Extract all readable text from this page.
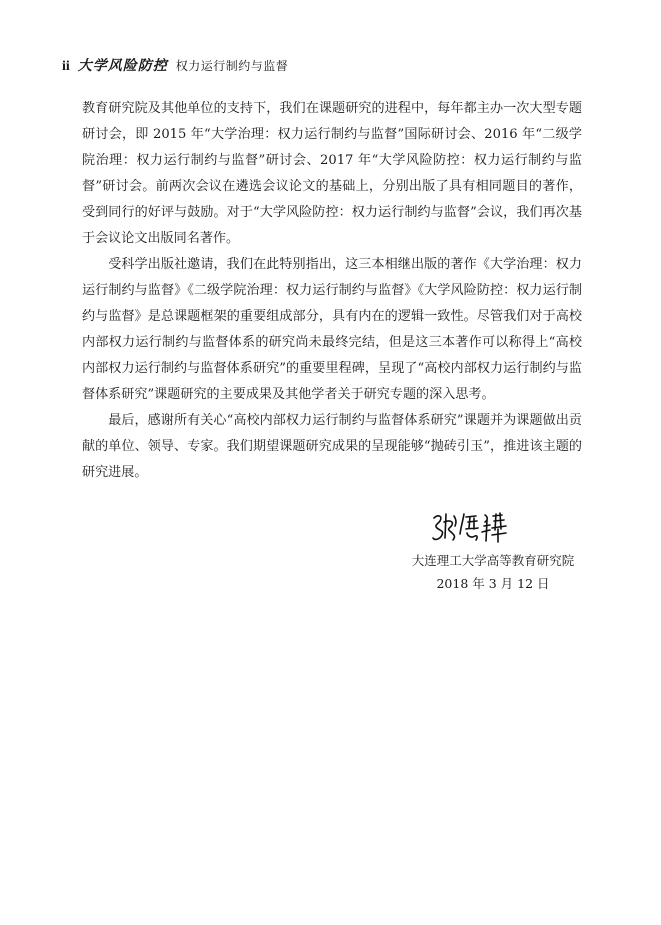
ii 大学风险防控 权力运行制约与监督

教育研究院及其他单位的支持下，我们在课题研究的进程中，每年都主办一次大型专题研讨会，即 2015 年“大学治理：权力运行制约与监督”国际研讨会、2016 年“二级学院治理：权力运行制约与监督”研讨会、2017 年“大学风险防控：权力运行制约与监督”研讨会。前两次会议在遴选会议论文的基础上，分别出版了具有相同题目的著作，受到同行的好评与鼓励。对于“大学风险防控：权力运行制约与监督”会议，我们再次基于会议论文出版同名著作。

受科学出版社邀请，我们在此特别指出，这三本相继出版的著作《大学治理：权力运行制约与监督》《二级学院治理：权力运行制约与监督》《大学风险防控：权力运行制约与监督》是总课题框架的重要组成部分，具有内在的逻辑一致性。尽管我们对于高校内部权力运行制约与监督体系的研究尚未最终完结，但是这三本著作可以称得上“高校内部权力运行制约与监督体系研究”的重要里程碑，呈现了“高校内部权力运行制约与监督体系研究”课题研究的主要成果及其他学者关于研究专题的深入思考。

最后，感谢所有关心“高校内部权力运行制约与监督体系研究”课题并为课题做出贡献的单位、领导、专家。我们期望课题研究成果的呈现能够“抛砖引玉”，推进该主题的研究进展。

大连理工大学高等教育研究院
2018 年 3 月 12 日
